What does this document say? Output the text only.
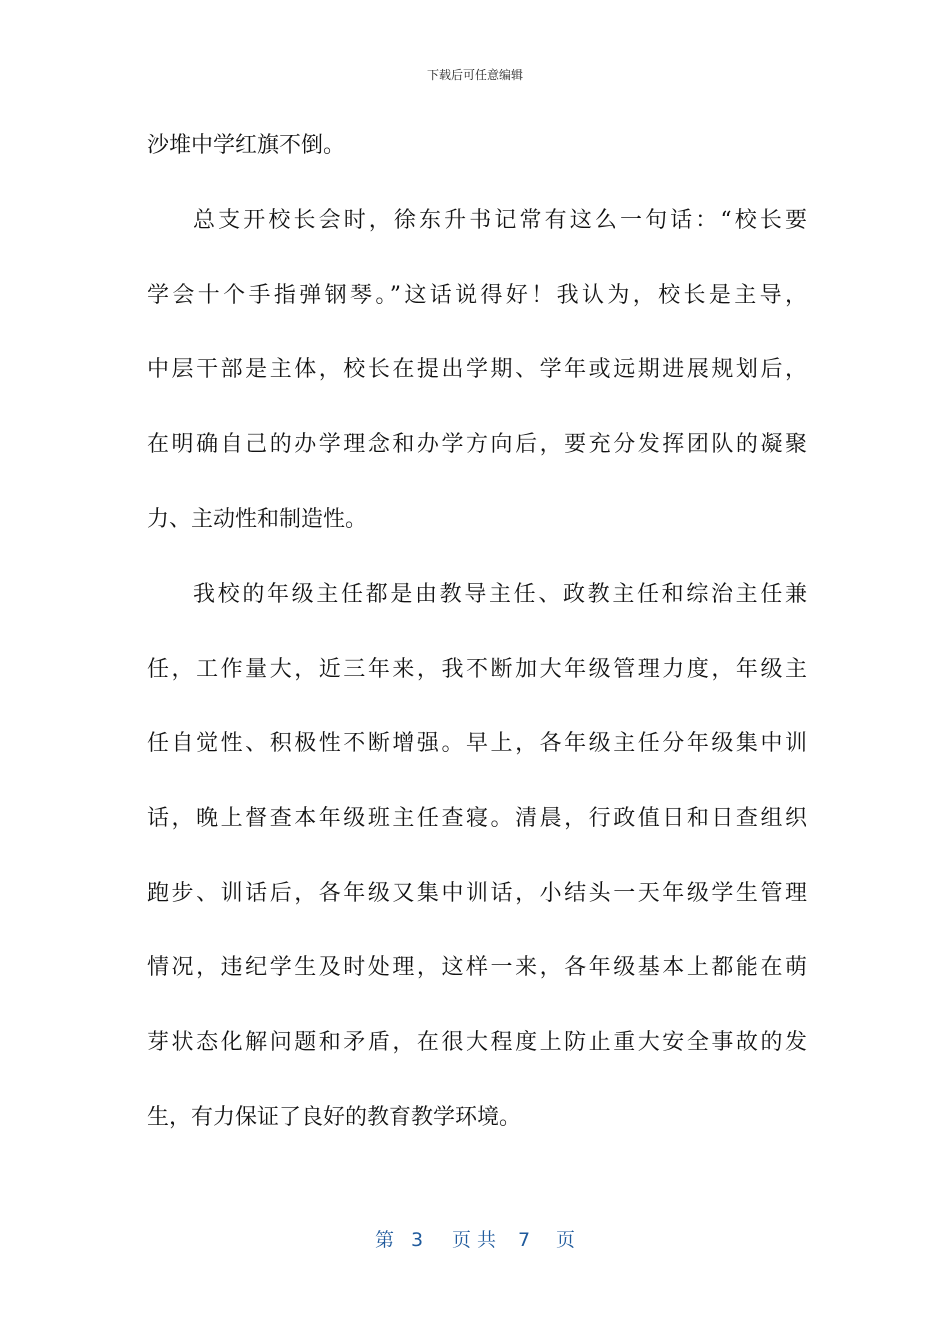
下载后可任意编辑
沙堆中学红旗不倒。
总支开校长会时，徐东升书记常有这么一句话：“校长要
学会十个手指弹钢琴。”这话说得好！我认为，校长是主导，
中层干部是主体，校长在提出学期、学年或远期进展规划后，
在明确自己的办学理念和办学方向后，要充分发挥团队的凝聚
力、主动性和制造性。
我校的年级主任都是由教导主任、政教主任和综治主任兼
任，工作量大，近三年来，我不断加大年级管理力度，年级主
任自觉性、积极性不断增强。早上，各年级主任分年级集中训
话，晚上督查本年级班主任查寝。清晨，行政值日和日查组织
跑步、训话后，各年级又集中训话，小结头一天年级学生管理
情况，违纪学生及时处理，这样一来，各年级基本上都能在萌
芽状态化解问题和矛盾，在很大程度上防止重大安全事故的发
生，有力保证了良好的教育教学环境。
第 3 页 共 7 页
